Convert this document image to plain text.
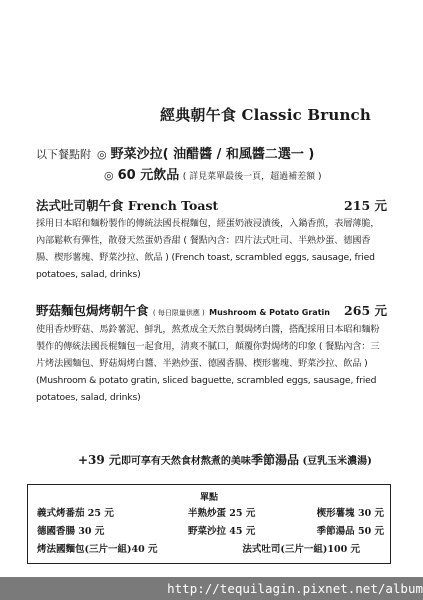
經典朝午食 Classic Brunch
以下餐點附 ◎ 野菜沙拉( 油醋醬 / 和風醬二選一 )
◎ 60 元飲品 ( 詳見菜單最後一頁，超過補差額 )
法式吐司朝午食 French Toast	215 元
採用日本昭和麵粉製作的傳統法國長棍麵包，經蛋奶液浸漬後，入鍋香煎，表層薄脆，內部鬆軟有彈性，散發天然蛋奶香甜 ( 餐點內含：四片法式吐司、半熟炒蛋、德國香腸、楔形薯塊、野菜沙拉、飲品 ) (French toast, scrambled eggs, sausage, fried potatoes, salad, drinks)
野菇麵包焗烤朝午食 ( 每日限量供應 ) Mushroom & Potato Gratin 265 元
使用香炒野菇、馬鈴薯泥、鮮乳，熬煮成全天然自製焗烤白醬，搭配採用日本昭和麵粉製作的傳統法國長棍麵包一起食用，清爽不膩口，顛覆你對焗烤的印象 ( 餐點內含：三片烤法國麵包、野菇焗烤白醬、半熟炒蛋、德國香腸、楔形薯塊、野菜沙拉、飲品 ) (Mushroom & potato gratin, sliced baguette, scrambled eggs, sausage, fried potatoes, salad, drinks)
+39 元即可享有天然食材熬煮的美味季節湯品 (豆乳玉米濃湯)
單點
義式烤番茄 25 元	半熟炒蛋 25 元	楔形薯塊 30 元
德國香腸 30 元	野菜沙拉 45 元	季節湯品 50 元
烤法國麵包(三片一組)40 元	法式吐司(三片一組)100 元
http://tequilagin.pixnet.net/album
